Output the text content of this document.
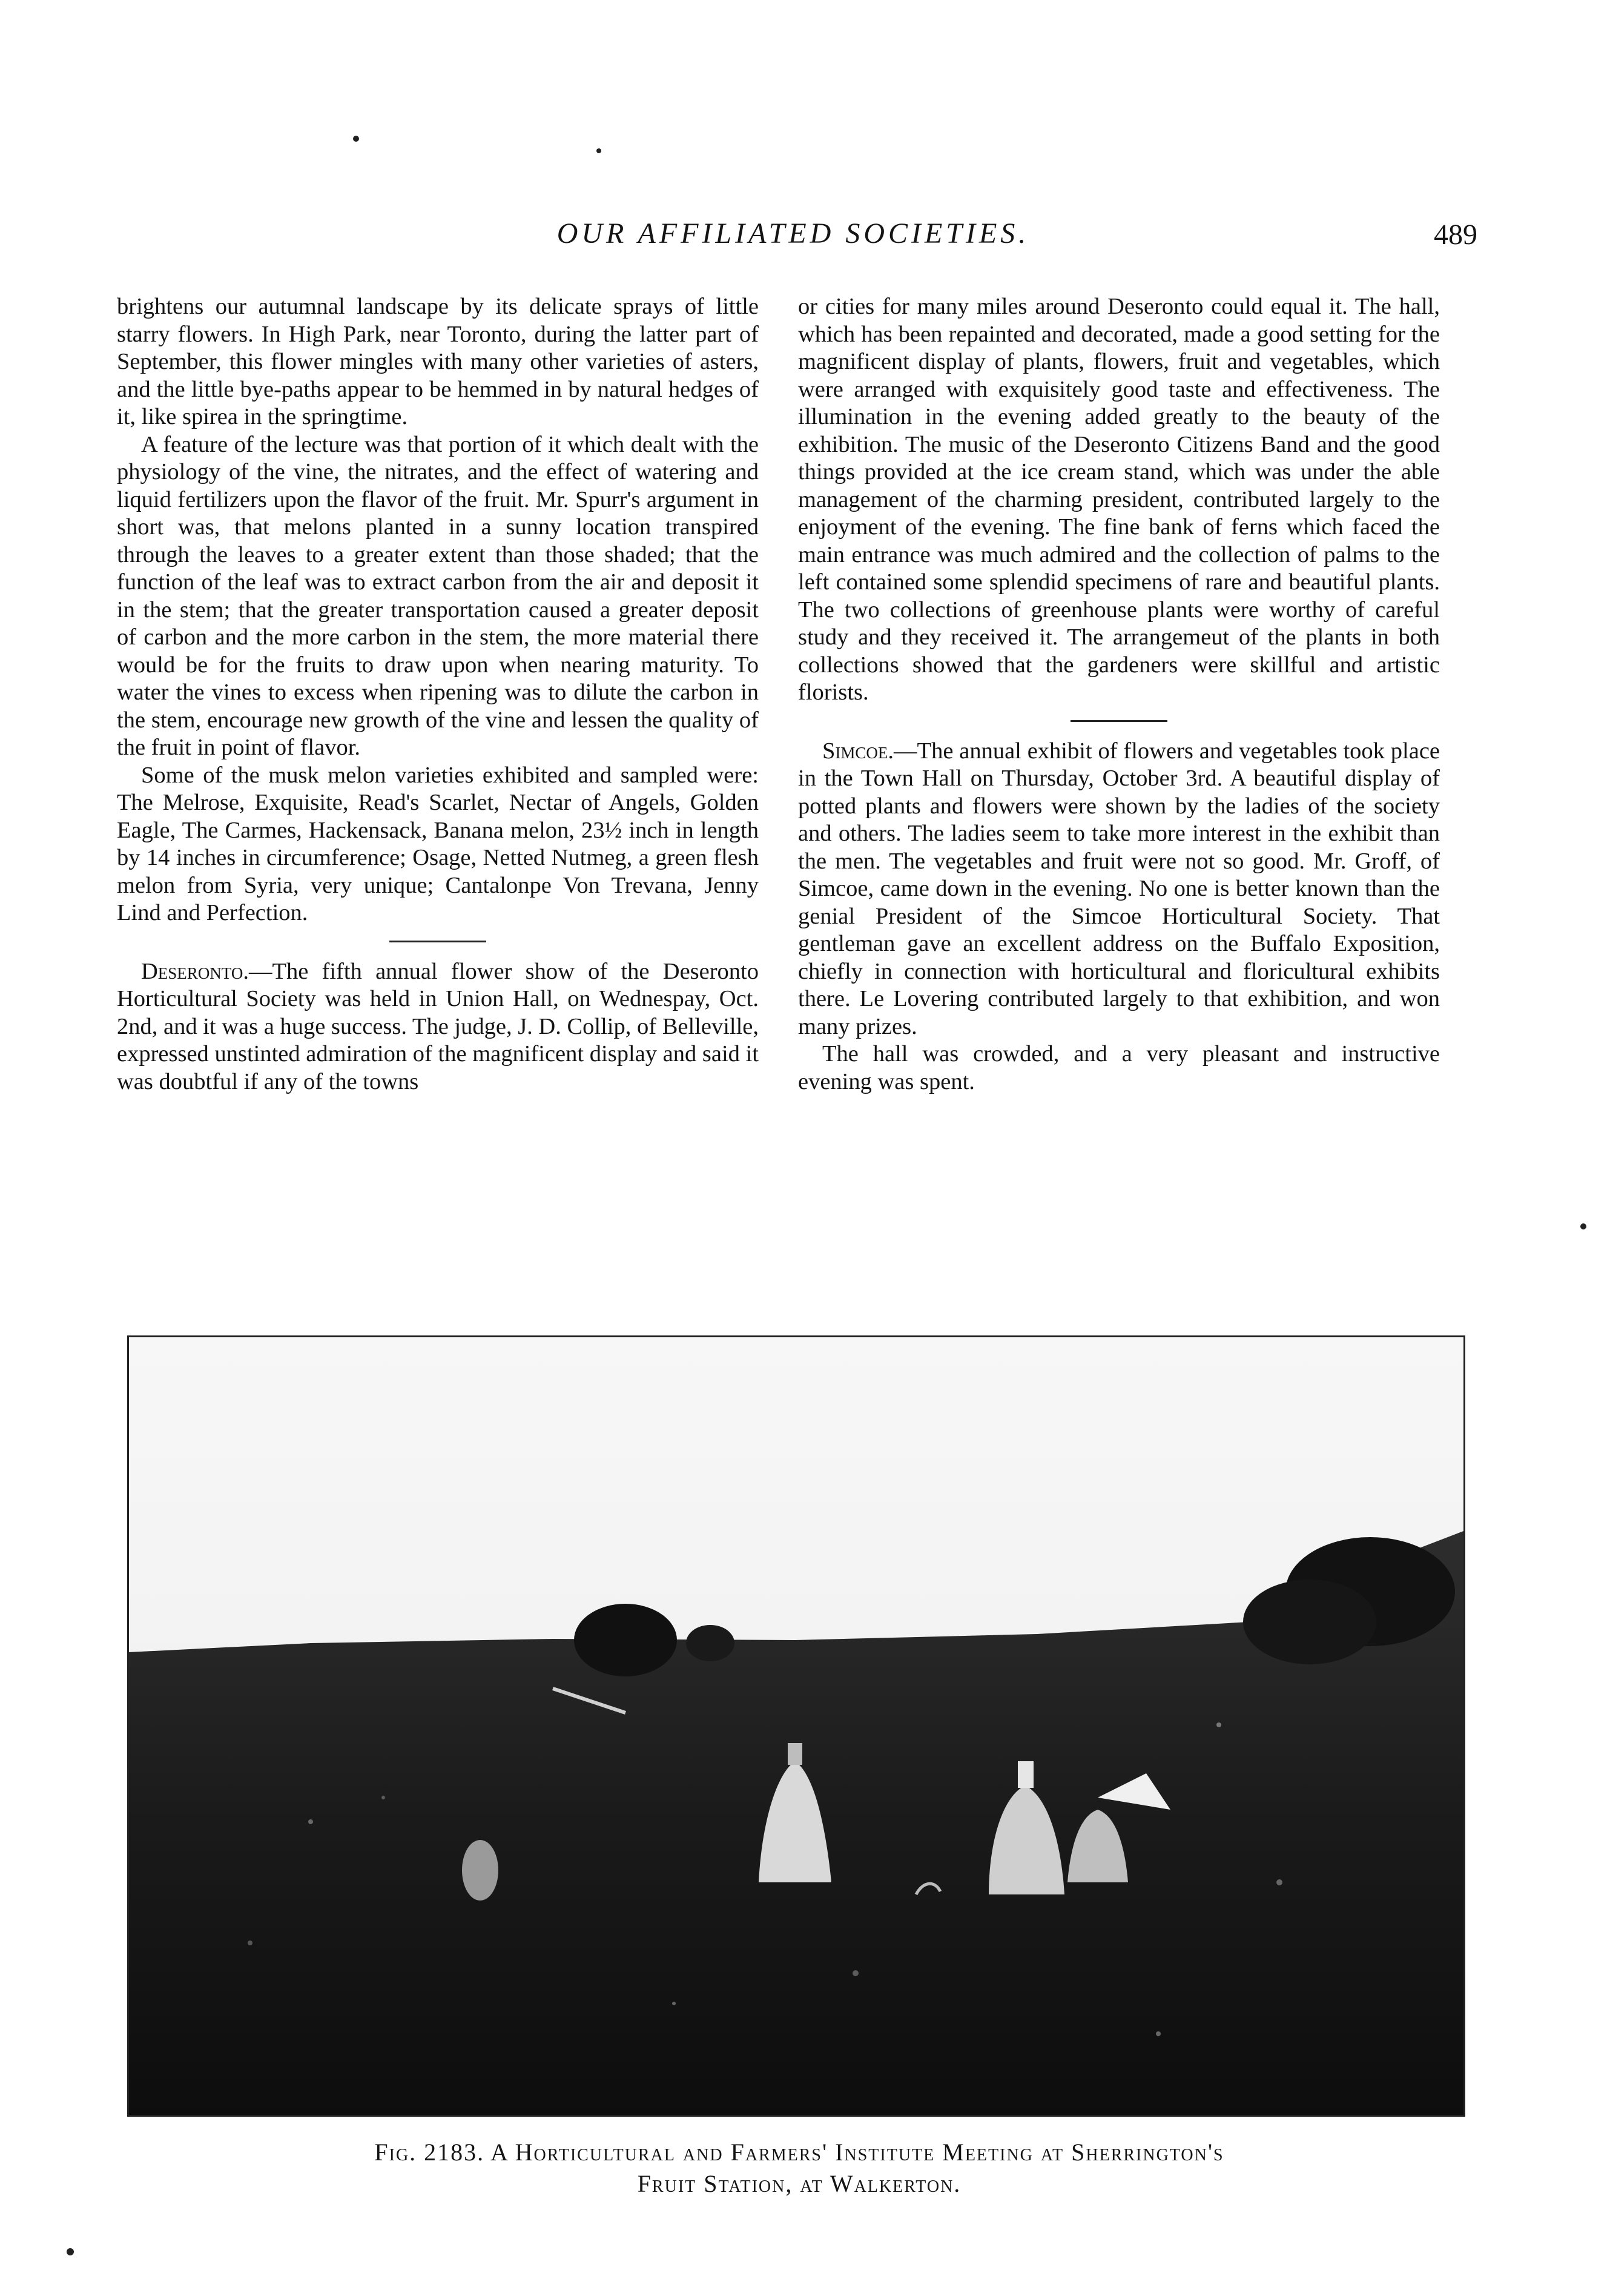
OUR AFFILIATED SOCIETIES.	489

brightens our autumnal landscape by its delicate sprays of little starry flowers. In High Park, near Toronto, during the latter part of September, this flower mingles with many other varieties of asters, and the little bye-paths appear to be hemmed in by natural hedges of it, like spirea in the springtime.

A feature of the lecture was that portion of it which dealt with the physiology of the vine, the nitrates, and the effect of watering and liquid fertilizers upon the flavor of the fruit. Mr. Spurr's argument in short was, that melons planted in a sunny location transpired through the leaves to a greater extent than those shaded; that the function of the leaf was to extract carbon from the air and deposit it in the stem; that the greater transportation caused a greater deposit of carbon and the more carbon in the stem, the more material there would be for the fruits to draw upon when nearing maturity. To water the vines to excess when ripening was to dilute the carbon in the stem, encourage new growth of the vine and lessen the quality of the fruit in point of flavor.

Some of the musk melon varieties exhibited and sampled were: The Melrose, Exquisite, Read's Scarlet, Nectar of Angels, Golden Eagle, The Carmes, Hackensack, Banana melon, 23½ inch in length by 14 inches in circumference; Osage, Netted Nutmeg, a green flesh melon from Syria, very unique; Cantalonpe Von Trevana, Jenny Lind and Perfection.

Deseronto.—The fifth annual flower show of the Deseronto Horticultural Society was held in Union Hall, on Wednespay, Oct. 2nd, and it was a huge success. The judge, J. D. Collip, of Belleville, expressed unstinted admiration of the magnificent display and said it was doubtful if any of the towns

or cities for many miles around Deseronto could equal it. The hall, which has been repainted and decorated, made a good setting for the magnificent display of plants, flowers, fruit and vegetables, which were arranged with exquisitely good taste and effectiveness. The illumination in the evening added greatly to the beauty of the exhibition. The music of the Deseronto Citizens Band and the good things provided at the ice cream stand, which was under the able management of the charming president, contributed largely to the enjoyment of the evening. The fine bank of ferns which faced the main entrance was much admired and the collection of palms to the left contained some splendid specimens of rare and beautiful plants. The two collections of greenhouse plants were worthy of careful study and they received it. The arrangemeut of the plants in both collections showed that the gardeners were skillful and artistic florists.

Simcoe.—The annual exhibit of flowers and vegetables took place in the Town Hall on Thursday, October 3rd. A beautiful display of potted plants and flowers were shown by the ladies of the society and others. The ladies seem to take more interest in the exhibit than the men. The vegetables and fruit were not so good. Mr. Groff, of Simcoe, came down in the evening. No one is better known than the genial President of the Simcoe Horticultural Society. That gentleman gave an excellent address on the Buffalo Exposition, chiefly in connection with horticultural and floricultural exhibits there. Le Lovering contributed largely to that exhibition, and won many prizes.

The hall was crowded, and a very pleasant and instructive evening was spent.

Fig. 2183. A Horticultural and Farmers' Institute Meeting at Sherrington's
Fruit Station, at Walkerton.
